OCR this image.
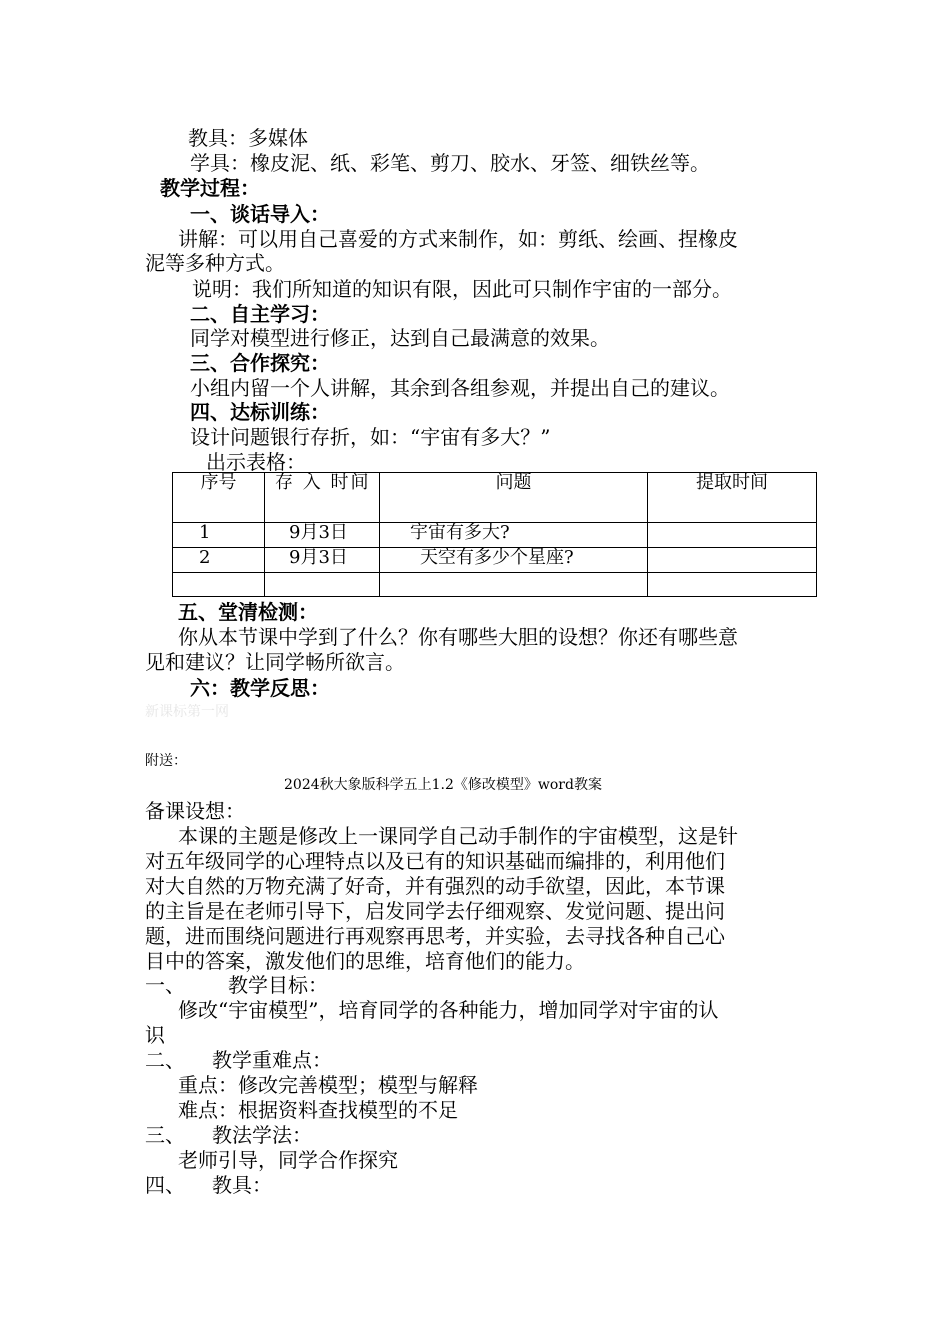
教具：多媒体
学具：橡皮泥、纸、彩笔、剪刀、胶水、牙签、细铁丝等。
教学过程：
一、谈话导入：
讲解：可以用自己喜爱的方式来制作，如：剪纸、绘画、捏橡皮
泥等多种方式。
说明：我们所知道的知识有限，因此可只制作宇宙的一部分。
二、自主学习：
同学对模型进行修正，达到自己最满意的效果。
三、合作探究：
小组内留一个人讲解，其余到各组参观，并提出自己的建议。
四、达标训练：
设计问题银行存折，如：“宇宙有多大？”
出示表格：
序号	存 入 时间	问题	提取时间
1	9月3日	宇宙有多大?	
2	9月3日	天空有多少个星座?	

五、堂清检测：
你从本节课中学到了什么？你有哪些大胆的设想？你还有哪些意
见和建议？让同学畅所欲言。
六：教学反思：
新课标第一网
附送：
2024秋大象版科学五上1.2《修改模型》word教案
备课设想：
本课的主题是修改上一课同学自己动手制作的宇宙模型，这是针
对五年级同学的心理特点以及已有的知识基础而编排的，利用他们
对大自然的万物充满了好奇，并有强烈的动手欲望，因此，本节课
的主旨是在老师引导下，启发同学去仔细观察、发觉问题、提出问
题，进而围绕问题进行再观察再思考，并实验，去寻找各种自己心
目中的答案，激发他们的思维，培育他们的能力。
一、 教学目标：
修改“宇宙模型”，培育同学的各种能力，增加同学对宇宙的认
识
二、 教学重难点：
重点：修改完善模型；模型与解释
难点：根据资料查找模型的不足
三、 教法学法：
老师引导，同学合作探究
四、 教具：
